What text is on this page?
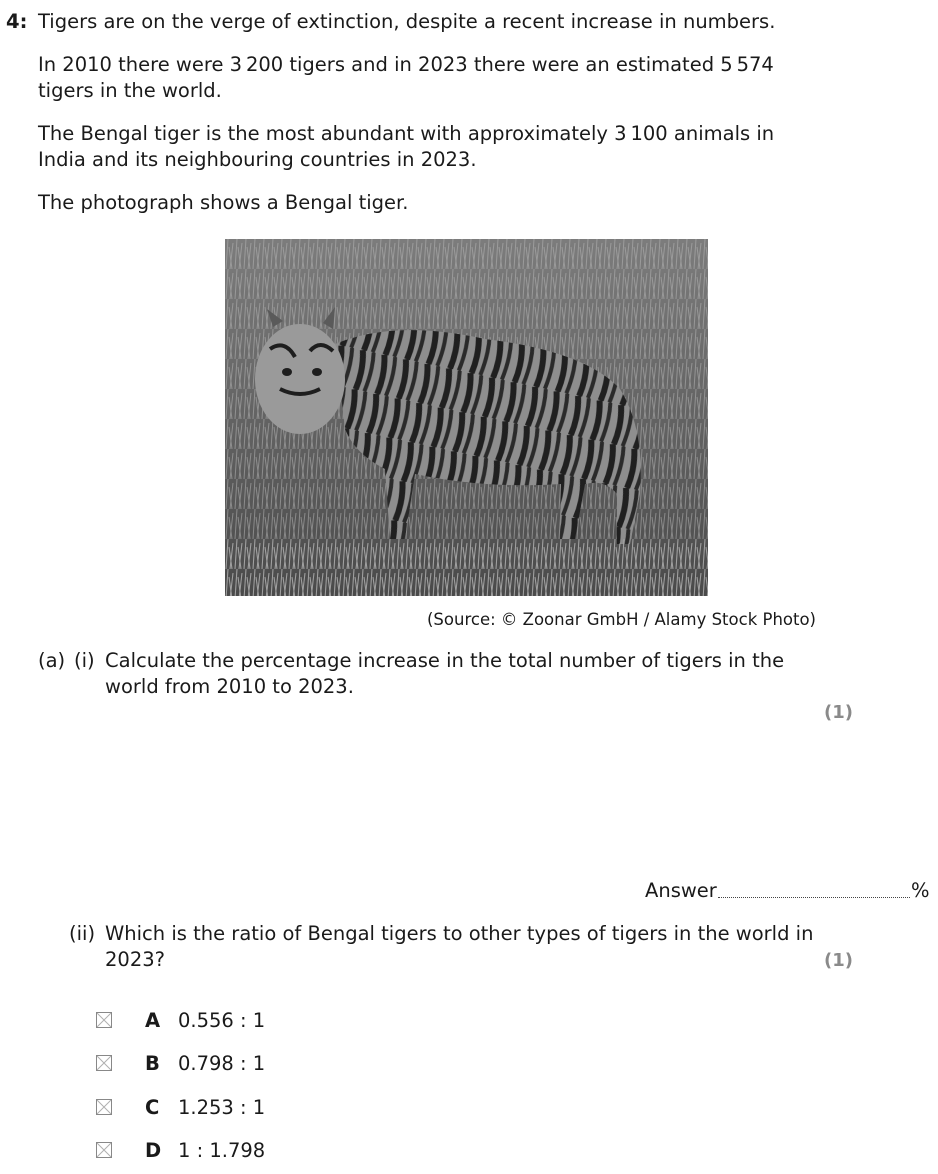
4: Tigers are on the verge of extinction, despite a recent increase in numbers.
In 2010 there were 3 200 tigers and in 2023 there were an estimated 5 574 tigers in the world.
The Bengal tiger is the most abundant with approximately 3 100 animals in India and its neighbouring countries in 2023.
The photograph shows a Bengal tiger.
(Source: © Zoonar GmbH / Alamy Stock Photo)
(a) (i) Calculate the percentage increase in the total number of tigers in the world from 2010 to 2023.
(1)
Answer	%
(ii) Which is the ratio of Bengal tigers to other types of tigers in the world in 2023?	(1)
A 0.556 : 1
B 0.798 : 1
C 1.253 : 1
D 1 : 1.798
